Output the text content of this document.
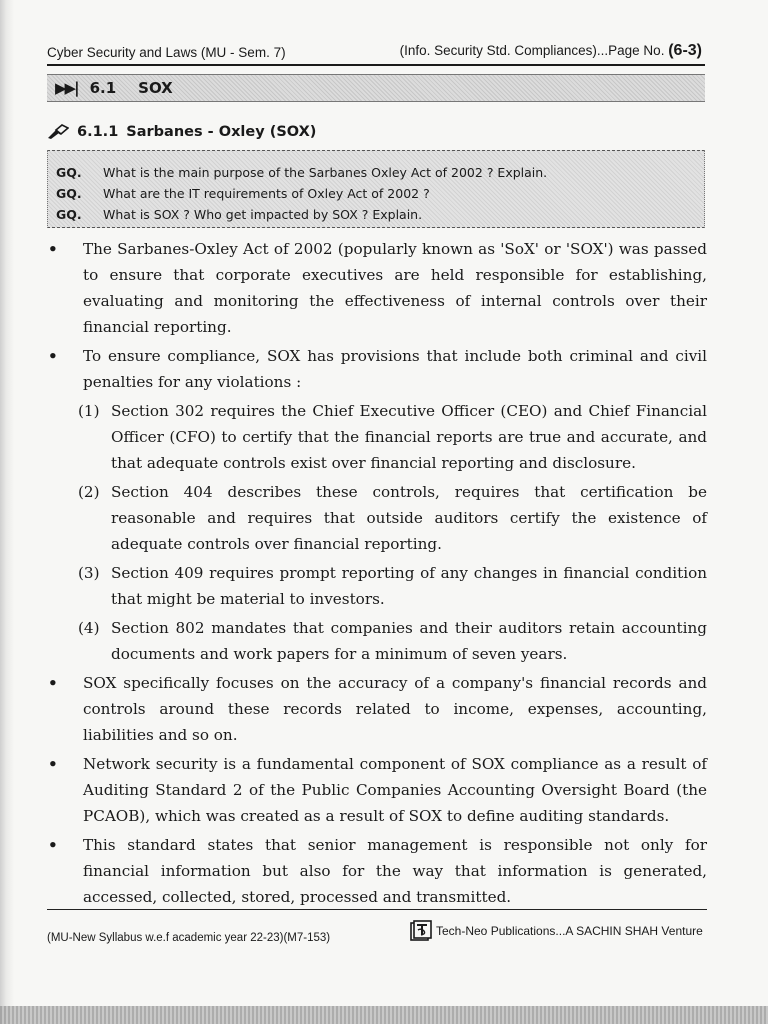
Cyber Security and Laws (MU - Sem. 7)	(Info. Security Std. Compliances)...Page No. (6-3)
▶▶| 6.1 SOX
6.1.1 Sarbanes - Oxley (SOX)
GQ.	What is the main purpose of the Sarbanes Oxley Act of 2002 ? Explain.
GQ.	What are the IT requirements of Oxley Act of 2002 ?
GQ.	What is SOX ? Who get impacted by SOX ? Explain.
•	The Sarbanes-Oxley Act of 2002 (popularly known as 'SoX' or 'SOX') was passed to ensure that corporate executives are held responsible for establishing, evaluating and monitoring the effectiveness of internal controls over their financial reporting.
•	To ensure compliance, SOX has provisions that include both criminal and civil penalties for any violations :
(1) Section 302 requires the Chief Executive Officer (CEO) and Chief Financial Officer (CFO) to certify that the financial reports are true and accurate, and that adequate controls exist over financial reporting and disclosure.
(2) Section 404 describes these controls, requires that certification be reasonable and requires that outside auditors certify the existence of adequate controls over financial reporting.
(3) Section 409 requires prompt reporting of any changes in financial condition that might be material to investors.
(4) Section 802 mandates that companies and their auditors retain accounting documents and work papers for a minimum of seven years.
•	SOX specifically focuses on the accuracy of a company's financial records and controls around these records related to income, expenses, accounting, liabilities and so on.
•	Network security is a fundamental component of SOX compliance as a result of Auditing Standard 2 of the Public Companies Accounting Oversight Board (the PCAOB), which was created as a result of SOX to define auditing standards.
•	This standard states that senior management is responsible not only for financial information but also for the way that information is generated, accessed, collected, stored, processed and transmitted.
(MU-New Syllabus w.e.f academic year 22-23)(M7-153)	Tech-Neo Publications...A SACHIN SHAH Venture
